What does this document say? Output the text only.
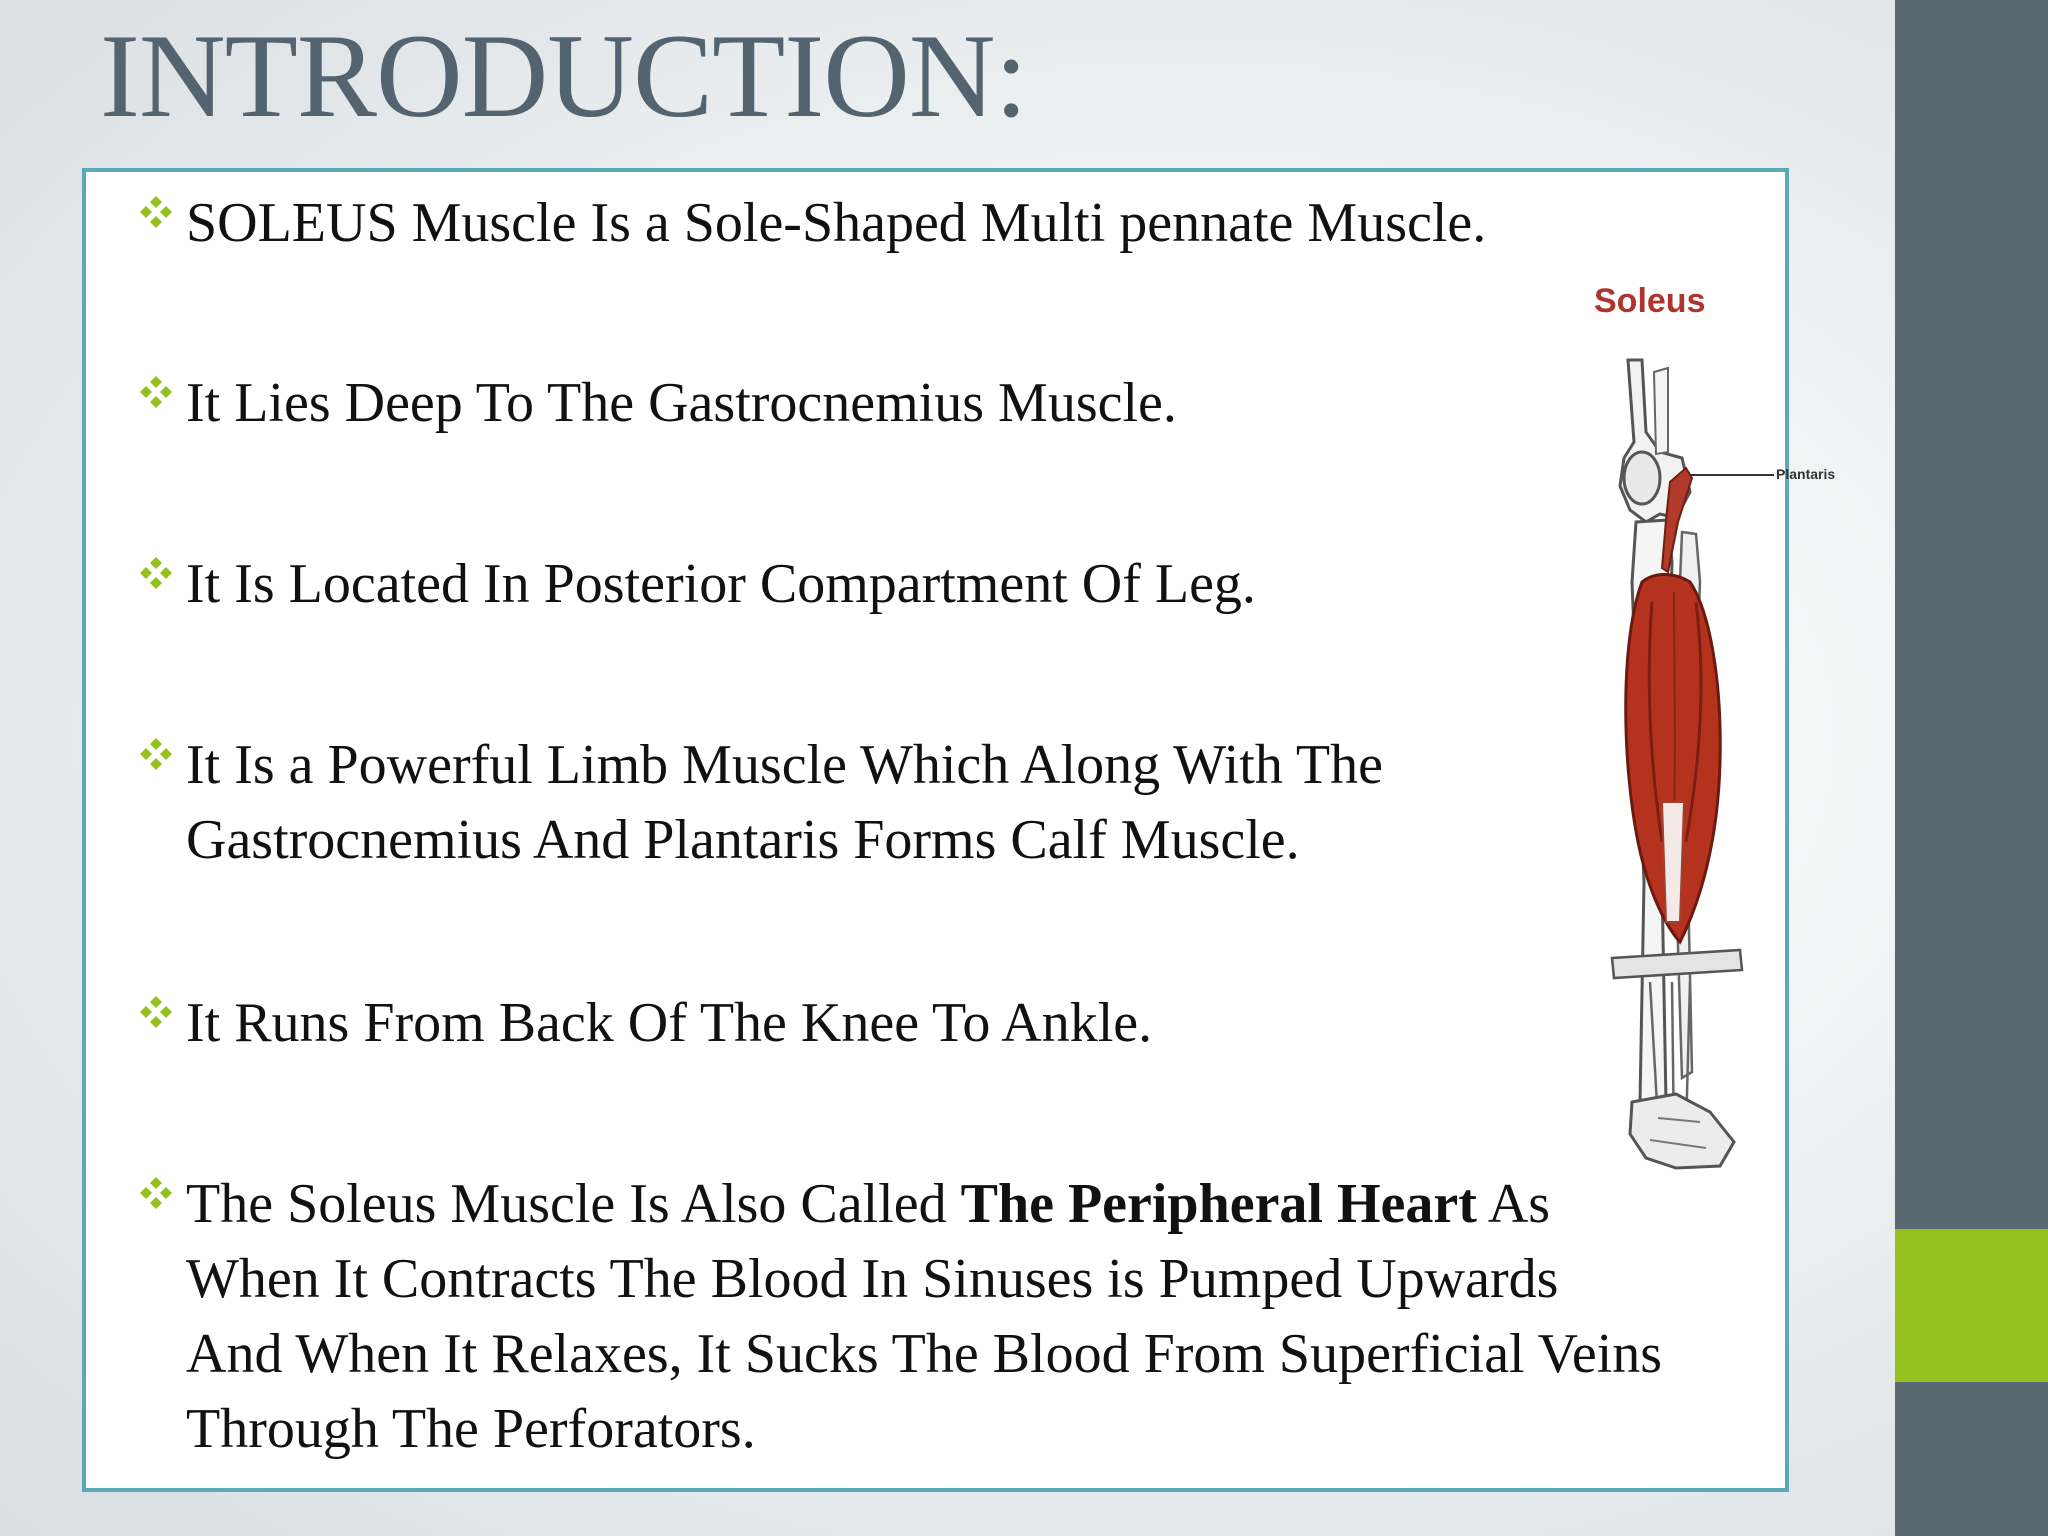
INTRODUCTION:
SOLEUS Muscle Is a Sole-Shaped Multi pennate Muscle.
It Lies Deep To The Gastrocnemius Muscle.
It Is Located In Posterior Compartment Of Leg.
It Is a Powerful Limb Muscle Which Along With The
Gastrocnemius And Plantaris Forms Calf Muscle.
It Runs From Back Of The Knee To Ankle.
The Soleus Muscle Is Also Called The Peripheral Heart As
When It Contracts The Blood In Sinuses is Pumped Upwards
And When It Relaxes, It Sucks The Blood From Superficial Veins
Through The Perforators.
Soleus
Plantaris
